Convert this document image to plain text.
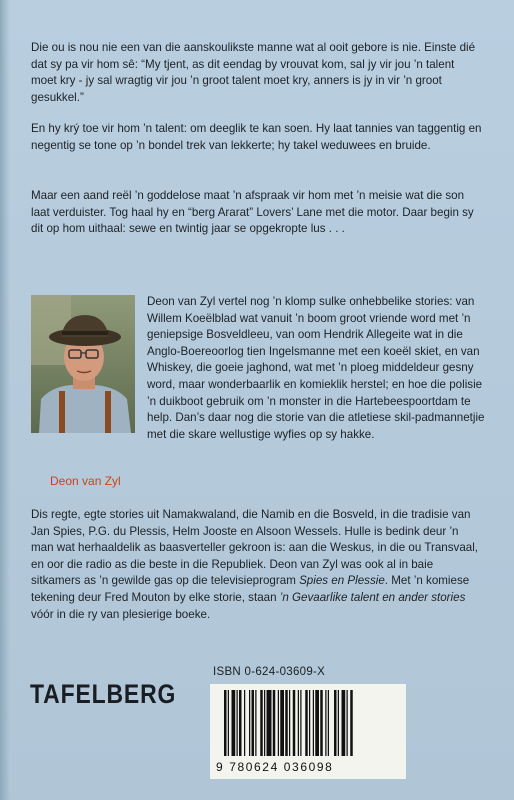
Die ou is nou nie een van die aanskoulikste manne wat al ooit gebore is nie. Einste dié dat sy pa vir hom sê: “My tjent, as dit eendag by vrouvat kom, sal jy vir jou ’n talent moet kry - jy sal wragtig vir jou ’n groot talent moet kry, anners is jy in vir ’n groot gesukkel.”

En hy krý toe vir hom ’n talent: om deeglik te kan soen. Hy laat tannies van taggentig en negentig se tone op ’n bondel trek van lekkerte; hy takel weduwees en bruide.

Maar een aand reël ’n goddelose maat ’n afspraak vir hom met ’n meisie wat die son laat verduister. Tog haal hy en “berg Ararat” Lovers’ Lane met die motor. Daar begin sy dit op hom uithaal: sewe en twintig jaar se opgekropte lus . . .

Deon van Zyl

Deon van Zyl vertel nog ’n klomp sulke onhebbelike stories: van Willem Koeëlblad wat vanuit ’n boom groot vriende word met ’n geniepsige Bosveldleeu, van oom Hendrik Allegeite wat in die Anglo-Boereoorlog tien Ingelsmanne met een koeël skiet, en van Whiskey, die goeie jaghond, wat met ’n ploeg middeldeur gesny word, maar wonderbaarlik en komieklik herstel; en hoe die polisie ’n duikboot gebruik om ’n monster in die Hartebeespoortdam te help. Dan’s daar nog die storie van die atletiese skil-padmannetjie met die skare wellustige wyfies op sy hakke.

Dis regte, egte stories uit Namakwaland, die Namib en die Bosveld, in die tradisie van Jan Spies, P.G. du Plessis, Helm Jooste en Alsoon Wessels. Hulle is bedink deur ’n man wat herhaaldelik as baasverteller gekroon is: aan die Weskus, in die ou Transvaal, en oor die radio as die beste in die Republiek. Deon van Zyl was ook al in baie sitkamers as ’n gewilde gas op die televisieprogram Spies en Plessie. Met ’n komiese tekening deur Fred Mouton by elke storie, staan ’n Gevaarlike talent en ander stories vóór in die ry van plesierige boeke.

TAFELBERG
ISBN 0-624-03609-X
9 780624 036098
